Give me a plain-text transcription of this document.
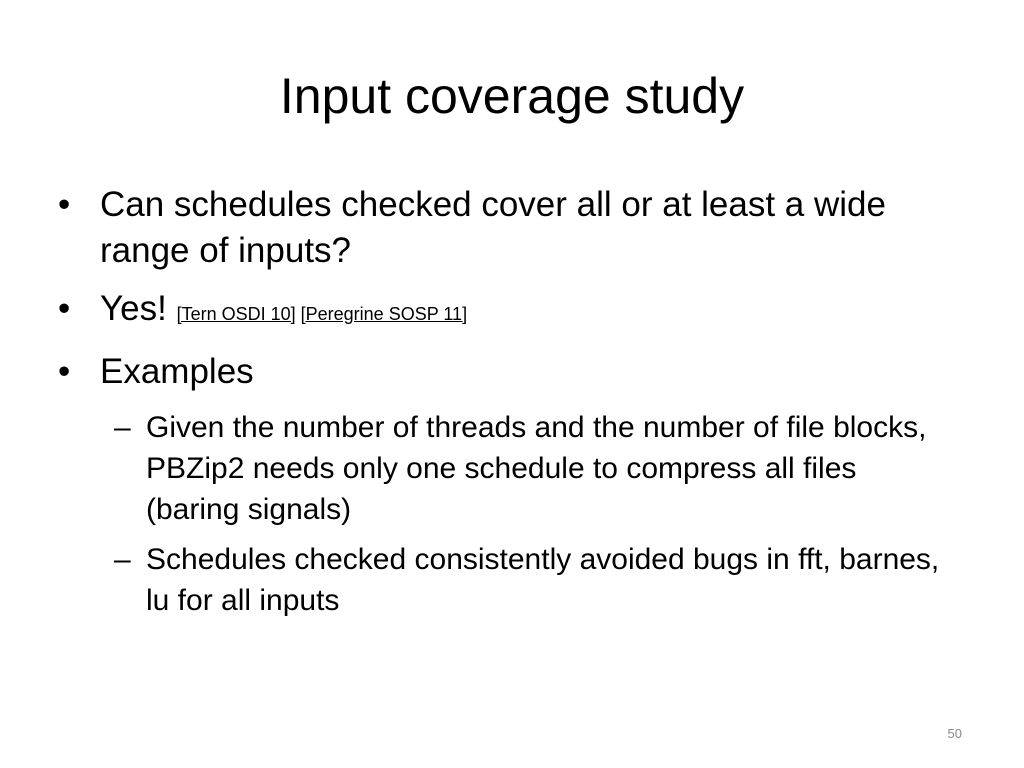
Input coverage study
• Can schedules checked cover all or at least a wide range of inputs?
• Yes! [Tern OSDI 10] [Peregrine SOSP 11]
• Examples
– Given the number of threads and the number of file blocks, PBZip2 needs only one schedule to compress all files (baring signals)
– Schedules checked consistently avoided bugs in fft, barnes, lu for all inputs
50
